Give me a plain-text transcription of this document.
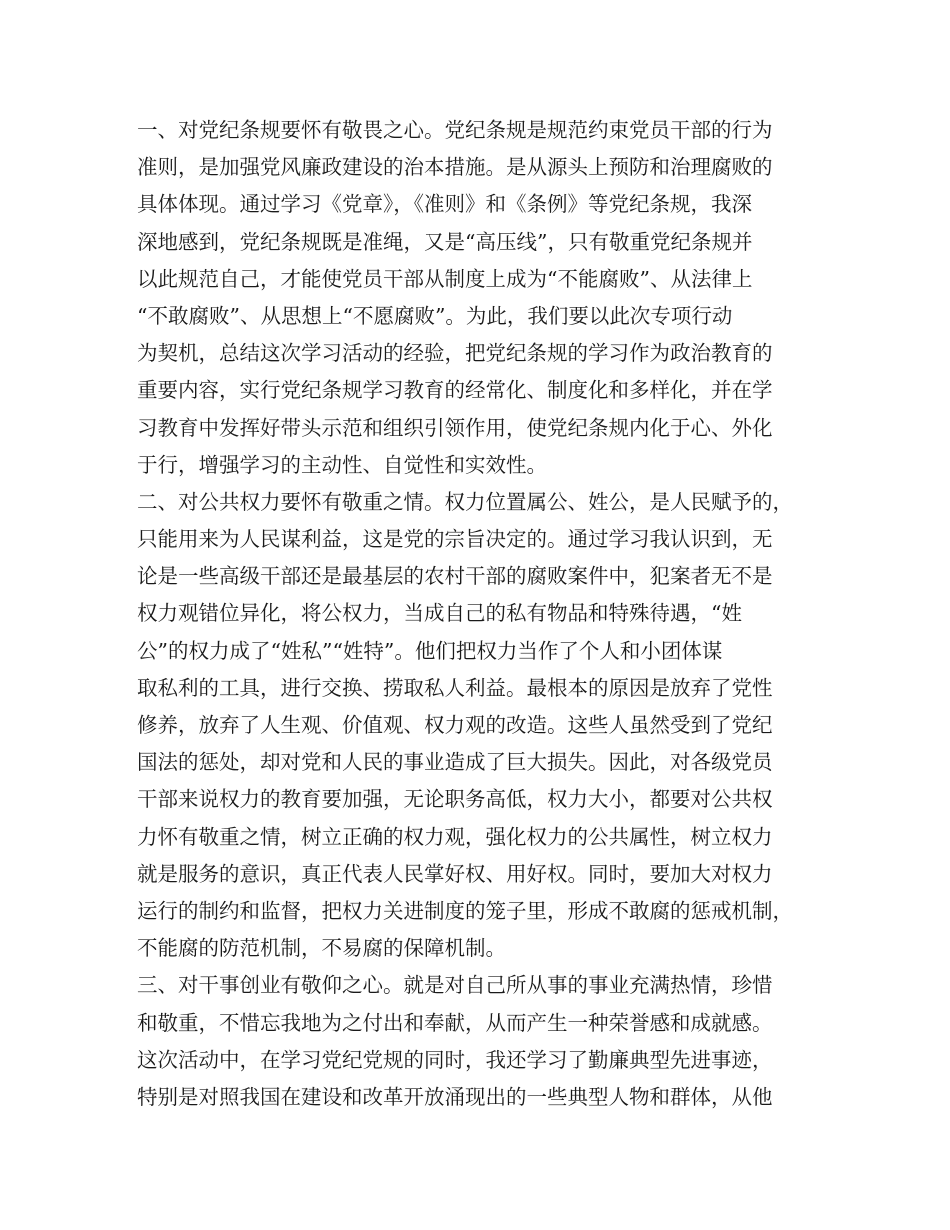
一、对党纪条规要怀有敬畏之心。党纪条规是规范约束党员干部的行为
准则，是加强党风廉政建设的治本措施。是从源头上预防和治理腐败的
具体体现。通过学习《党章》，《准则》和《条例》等党纪条规，我深
深地感到，党纪条规既是准绳，又是“高压线”，只有敬重党纪条规并
以此规范自己，才能使党员干部从制度上成为“不能腐败”、从法律上
“不敢腐败”、从思想上“不愿腐败”。为此，我们要以此次专项行动
为契机，总结这次学习活动的经验，把党纪条规的学习作为政治教育的
重要内容，实行党纪条规学习教育的经常化、制度化和多样化，并在学
习教育中发挥好带头示范和组织引领作用，使党纪条规内化于心、外化
于行，增强学习的主动性、自觉性和实效性。
二、对公共权力要怀有敬重之情。权力位置属公、姓公，是人民赋予的，
只能用来为人民谋利益，这是党的宗旨决定的。通过学习我认识到，无
论是一些高级干部还是最基层的农村干部的腐败案件中，犯案者无不是
权力观错位异化，将公权力，当成自己的私有物品和特殊待遇，“姓
公”的权力成了“姓私”“姓特”。他们把权力当作了个人和小团体谋
取私利的工具，进行交换、捞取私人利益。最根本的原因是放弃了党性
修养，放弃了人生观、价值观、权力观的改造。这些人虽然受到了党纪
国法的惩处，却对党和人民的事业造成了巨大损失。因此，对各级党员
干部来说权力的教育要加强，无论职务高低，权力大小，都要对公共权
力怀有敬重之情，树立正确的权力观，强化权力的公共属性，树立权力
就是服务的意识，真正代表人民掌好权、用好权。同时，要加大对权力
运行的制约和监督，把权力关进制度的笼子里，形成不敢腐的惩戒机制，
不能腐的防范机制，不易腐的保障机制。
三、对干事创业有敬仰之心。就是对自己所从事的事业充满热情，珍惜
和敬重，不惜忘我地为之付出和奉献，从而产生一种荣誉感和成就感。
这次活动中，在学习党纪党规的同时，我还学习了勤廉典型先进事迹，
特别是对照我国在建设和改革开放涌现出的一些典型人物和群体，从他
